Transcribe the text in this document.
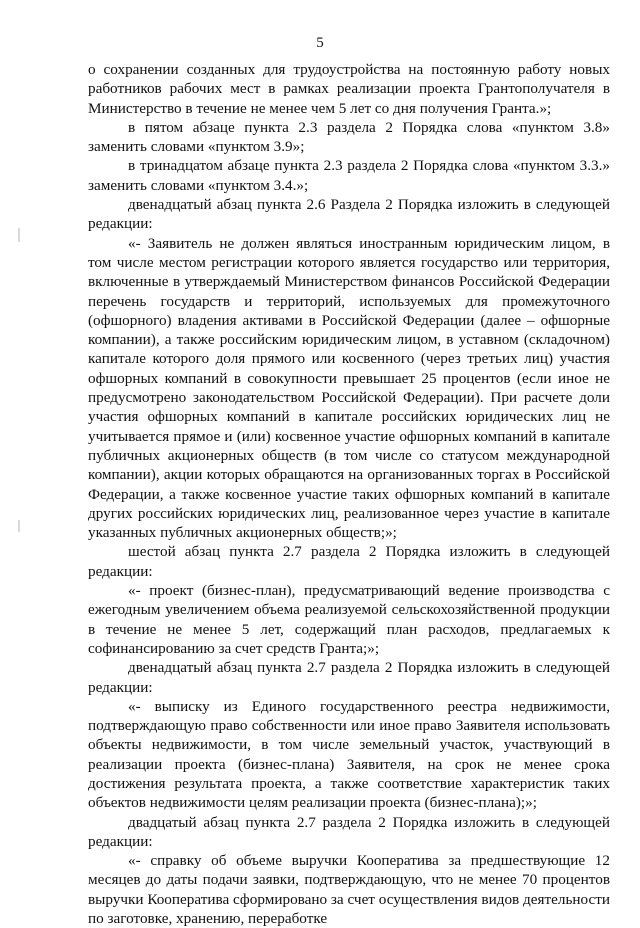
5

о сохранении созданных для трудоустройства на постоянную работу новых работников рабочих мест в рамках реализации проекта Грантополучателя в Министерство в течение не менее чем 5 лет со дня получения Гранта.»;

в пятом абзаце пункта 2.3 раздела 2 Порядка слова «пунктом 3.8» заменить словами «пунктом 3.9»;

в тринадцатом абзаце пункта 2.3 раздела 2 Порядка слова «пунктом 3.3.» заменить словами «пунктом 3.4.»;

двенадцатый абзац пункта 2.6 Раздела 2 Порядка изложить в следующей редакции:

«- Заявитель не должен являться иностранным юридическим лицом, в том числе местом регистрации которого является государство или территория, включенные в утверждаемый Министерством финансов Российской Федерации перечень государств и территорий, используемых для промежуточного (офшорного) владения активами в Российской Федерации (далее – офшорные компании), а также российским юридическим лицом, в уставном (складочном) капитале которого доля прямого или косвенного (через третьих лиц) участия офшорных компаний в совокупности превышает 25 процентов (если иное не предусмотрено законодательством Российской Федерации). При расчете доли участия офшорных компаний в капитале российских юридических лиц не учитывается прямое и (или) косвенное участие офшорных компаний в капитале публичных акционерных обществ (в том числе со статусом международной компании), акции которых обращаются на организованных торгах в Российской Федерации, а также косвенное участие таких офшорных компаний в капитале других российских юридических лиц, реализованное через участие в капитале указанных публичных акционерных обществ;»;

шестой абзац пункта 2.7 раздела 2 Порядка изложить в следующей редакции:

«- проект (бизнес-план), предусматривающий ведение производства с ежегодным увеличением объема реализуемой сельскохозяйственной продукции в течение не менее 5 лет, содержащий план расходов, предлагаемых к софинансированию за счет средств Гранта;»;

двенадцатый абзац пункта 2.7 раздела 2 Порядка изложить в следующей редакции:

«- выписку из Единого государственного реестра недвижимости, подтверждающую право собственности или иное право Заявителя использовать объекты недвижимости, в том числе земельный участок, участвующий в реализации проекта (бизнес-плана) Заявителя, на срок не менее срока достижения результата проекта, а также соответствие характеристик таких объектов недвижимости целям реализации проекта (бизнес-плана);»;

двадцатый абзац пункта 2.7 раздела 2 Порядка изложить в следующей редакции:

«- справку об объеме выручки Кооператива за предшествующие 12 месяцев до даты подачи заявки, подтверждающую, что не менее 70 процентов выручки Кооператива сформировано за счет осуществления видов деятельности по заготовке, хранению, переработке
